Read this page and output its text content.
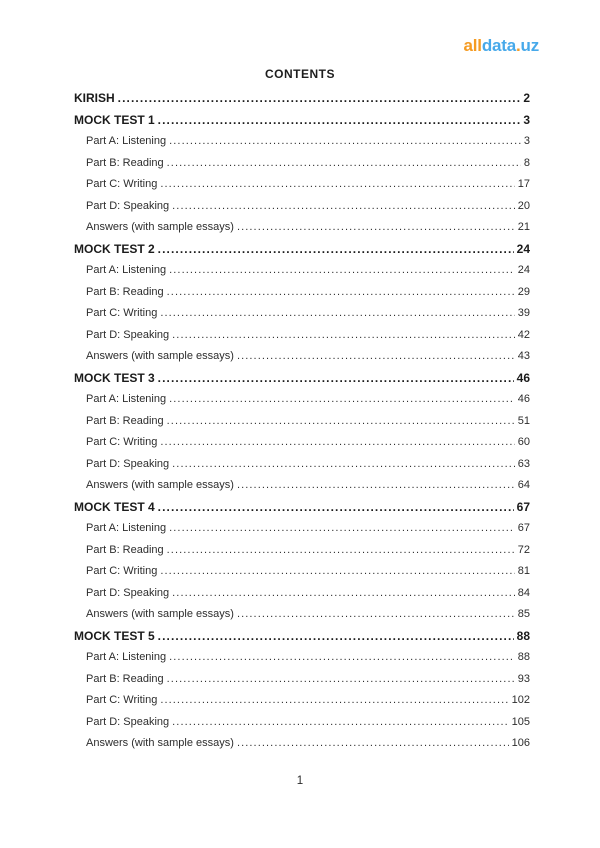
alldata.uz
CONTENTS
KIRISH .....	2
MOCK TEST 1 .....	3
Part A: Listening .....	3
Part B: Reading .....	8
Part C: Writing .....	17
Part D: Speaking .....	20
Answers (with sample essays) .....	21
MOCK TEST 2 .....	24
Part A: Listening .....	24
Part B: Reading .....	29
Part C: Writing .....	39
Part D: Speaking .....	42
Answers (with sample essays) .....	43
MOCK TEST 3 .....	46
Part A: Listening .....	46
Part B: Reading .....	51
Part C: Writing .....	60
Part D: Speaking .....	63
Answers (with sample essays) .....	64
MOCK TEST 4 .....	67
Part A: Listening .....	67
Part B: Reading .....	72
Part C: Writing .....	81
Part D: Speaking .....	84
Answers (with sample essays) .....	85
MOCK TEST 5 .....	88
Part A: Listening .....	88
Part B: Reading .....	93
Part C: Writing .....	102
Part D: Speaking .....	105
Answers (with sample essays) .....	106
1
